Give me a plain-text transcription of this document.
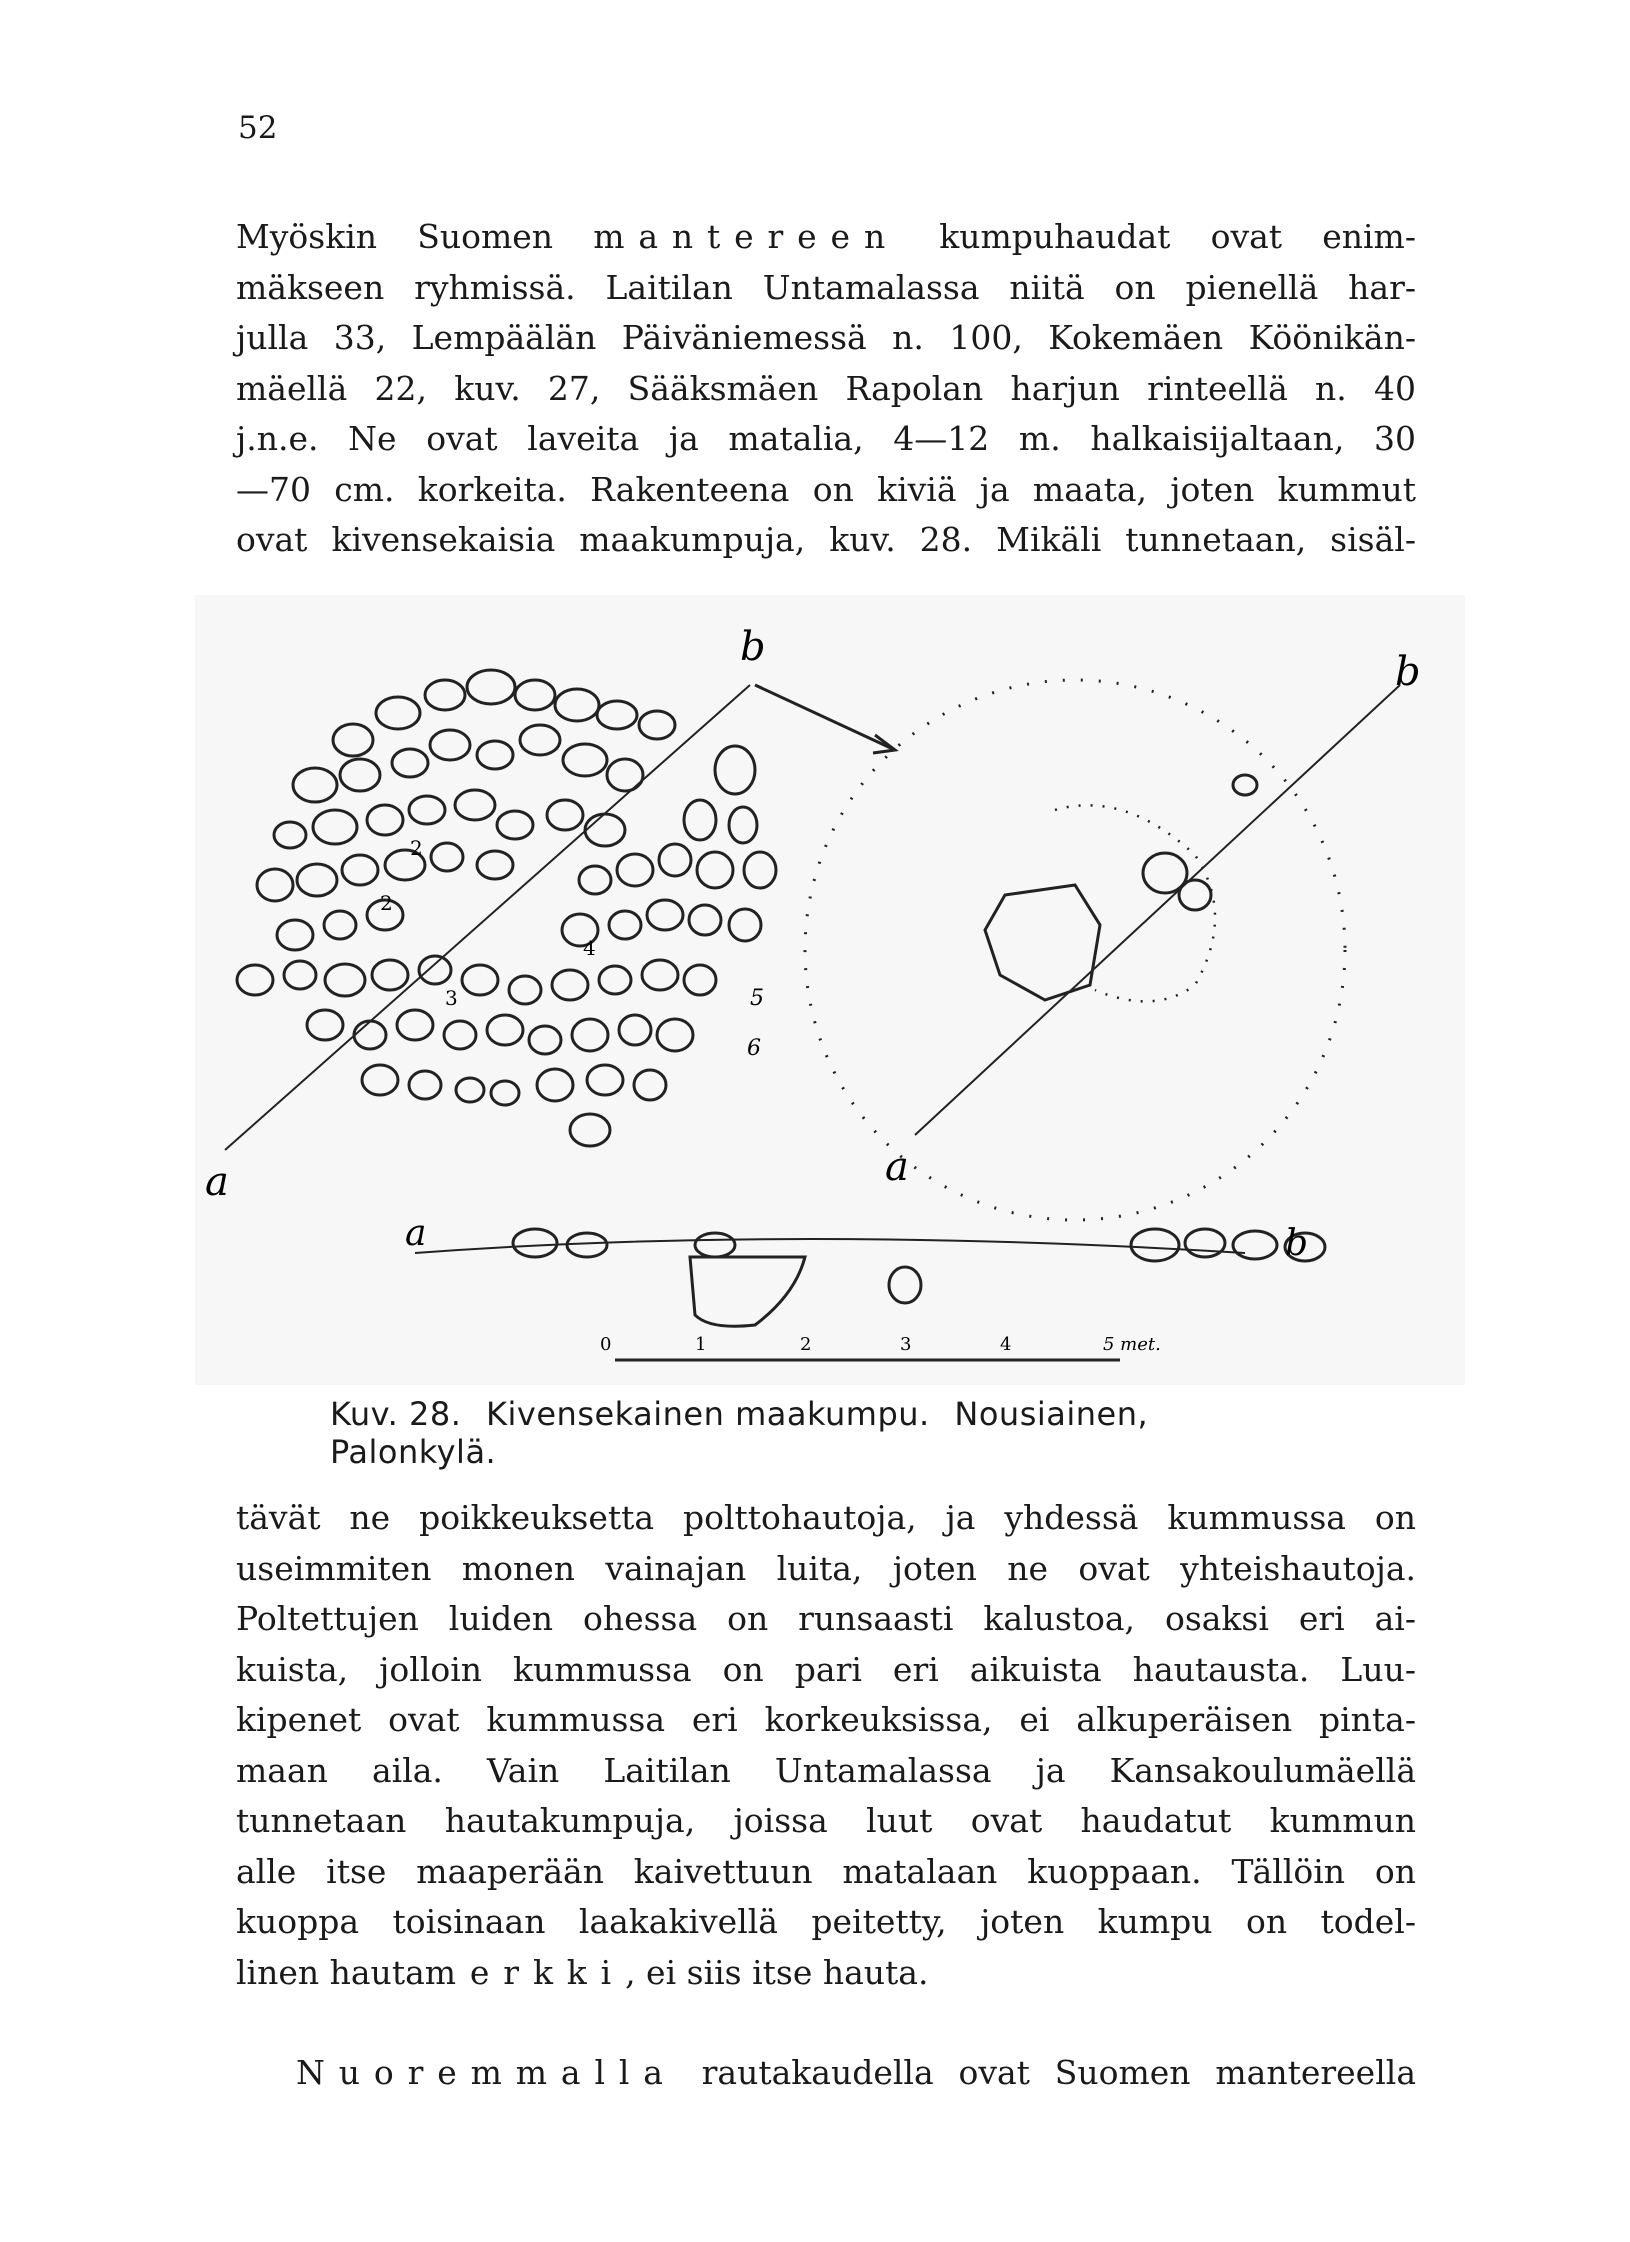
52
Myöskin Suomen mantereen kumpuhaudat ovat enim-
mäkseen ryhmissä. Laitilan Untamalassa niitä on pienellä har-
julla 33, Lempäälän Päiväniemessä n. 100, Kokemäen Köönikän-
mäellä 22, kuv. 27, Sääksmäen Rapolan harjun rinteellä n. 40
j.n.e. Ne ovat laveita ja matalia, 4—12 m. halkaisijaltaan, 30
—70 cm. korkeita. Rakenteena on kiviä ja maata, joten kummut
ovat kivensekaisia maakumpuja, kuv. 28. Mikäli tunnetaan, sisäl-
a
b
2
2
3
4
5
6
a
b
a	b
0	1	2	3	4	5 met.
Kuv. 28. Kivensekainen maakumpu. Nousiainen, Palonkylä.
tävät ne poikkeuksetta polttohautoja, ja yhdessä kummussa on
useimmiten monen vainajan luita, joten ne ovat yhteishautoja.
Poltettujen luiden ohessa on runsaasti kalustoa, osaksi eri ai-
kuista, jolloin kummussa on pari eri aikuista hautausta. Luu-
kipenet ovat kummussa eri korkeuksissa, ei alkuperäisen pinta-
maan aila. Vain Laitilan Untamalassa ja Kansakoulumäellä
tunnetaan hautakumpuja, joissa luut ovat haudatut kummun
alle itse maaperään kaivettuun matalaan kuoppaan. Tällöin on
kuoppa toisinaan laakakivellä peitetty, joten kumpu on todel-
linen hautamerkki, ei siis itse hauta.
Nuoremmalla rautakaudella ovat Suomen mantereella
